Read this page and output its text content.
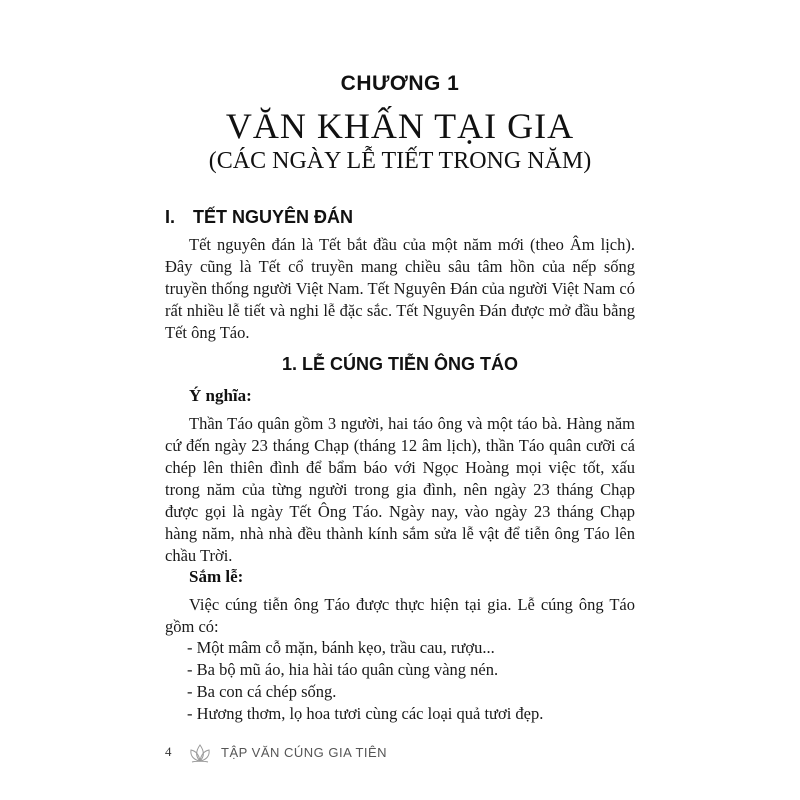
CHƯƠNG 1
VĂN KHẤN TẠI GIA
(CÁC NGÀY LỄ TIẾT TRONG NĂM)
I. TẾT NGUYÊN ĐÁN

Tết nguyên đán là Tết bắt đầu của một năm mới (theo Âm lịch). Đây cũng là Tết cổ truyền mang chiều sâu tâm hồn của nếp sống truyền thống người Việt Nam. Tết Nguyên Đán của người Việt Nam có rất nhiều lễ tiết và nghi lễ đặc sắc. Tết Nguyên Đán được mở đầu bằng Tết ông Táo.

1. LỄ CÚNG TIỄN ÔNG TÁO
Ý nghĩa:

Thần Táo quân gồm 3 người, hai táo ông và một táo bà. Hàng năm cứ đến ngày 23 tháng Chạp (tháng 12 âm lịch), thần Táo quân cưỡi cá chép lên thiên đình để bẩm báo với Ngọc Hoàng mọi việc tốt, xấu trong năm của từng người trong gia đình, nên ngày 23 tháng Chạp được gọi là ngày Tết Ông Táo. Ngày nay, vào ngày 23 tháng Chạp hàng năm, nhà nhà đều thành kính sắm sửa lễ vật để tiễn ông Táo lên chầu Trời.

Sắm lễ:

Việc cúng tiễn ông Táo được thực hiện tại gia. Lễ cúng ông Táo gồm có:

- Một mâm cỗ mặn, bánh kẹo, trầu cau, rượu...
- Ba bộ mũ áo, hia hài táo quân cùng vàng nén.
- Ba con cá chép sống.
- Hương thơm, lọ hoa tươi cùng các loại quả tươi đẹp.
4	TẬP VĂN CÚNG GIA TIÊN
